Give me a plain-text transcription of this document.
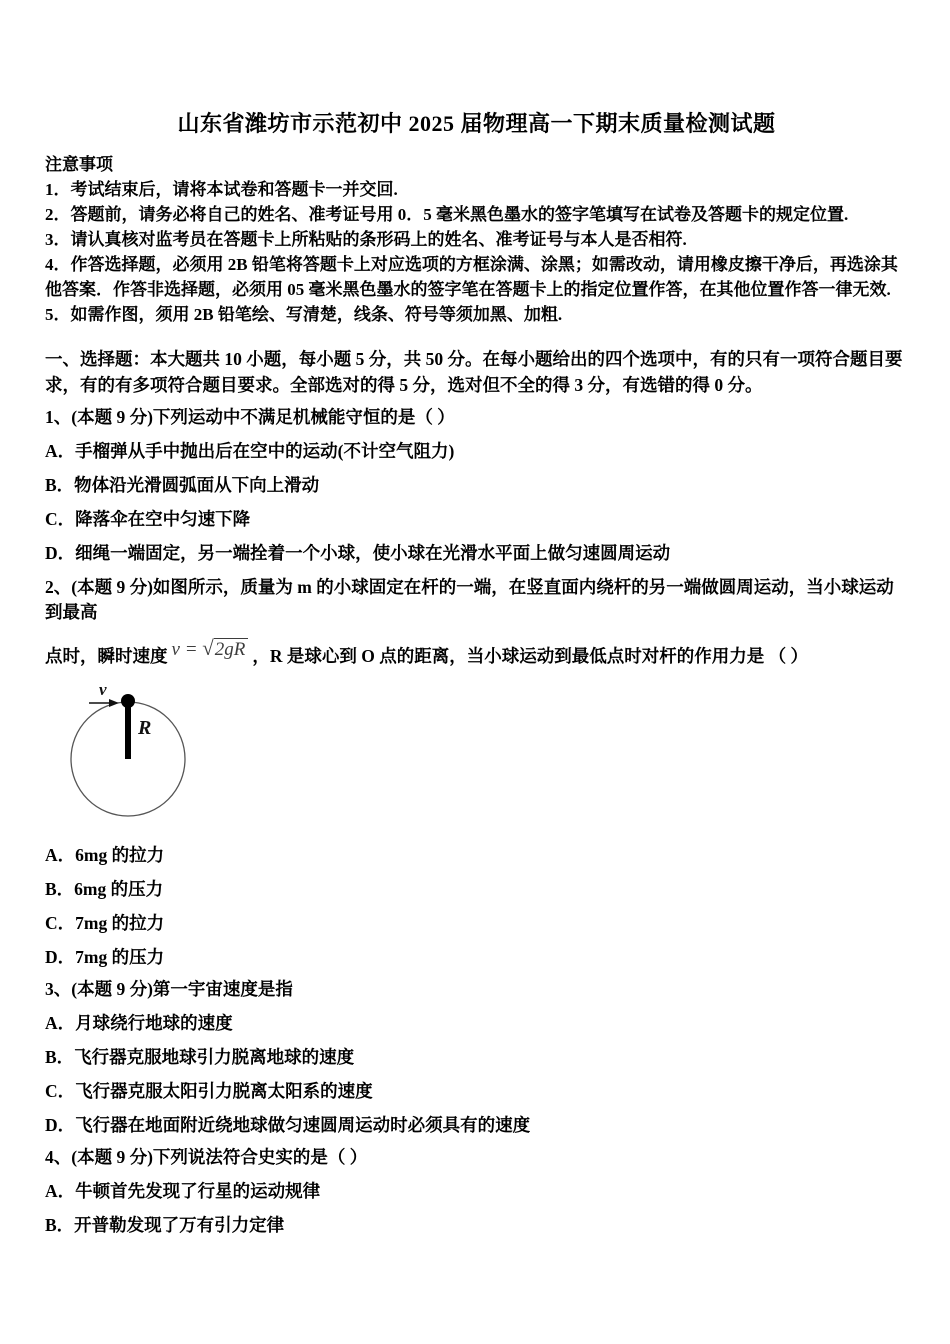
山东省潍坊市示范初中 2025 届物理高一下期末质量检测试题

注意事项

1．考试结束后，请将本试卷和答题卡一并交回.

2．答题前，请务必将自己的姓名、准考证号用 0．5 毫米黑色墨水的签字笔填写在试卷及答题卡的规定位置.

3．请认真核对监考员在答题卡上所粘贴的条形码上的姓名、准考证号与本人是否相符.

4．作答选择题，必须用 2B 铅笔将答题卡上对应选项的方框涂满、涂黑；如需改动，请用橡皮擦干净后，再选涂其他答案．作答非选择题，必须用 05 毫米黑色墨水的签字笔在答题卡上的指定位置作答，在其他位置作答一律无效.

5．如需作图，须用 2B 铅笔绘、写清楚，线条、符号等须加黑、加粗.

一、选择题：本大题共 10 小题，每小题 5 分，共 50 分。在每小题给出的四个选项中，有的只有一项符合题目要求，有的有多项符合题目要求。全部选对的得 5 分，选对但不全的得 3 分，有选错的得 0 分。

1、(本题 9 分)下列运动中不满足机械能守恒的是（ ）

A．手榴弹从手中抛出后在空中的运动(不计空气阻力)

B．物体沿光滑圆弧面从下向上滑动

C．降落伞在空中匀速下降

D．细绳一端固定，另一端拴着一个小球，使小球在光滑水平面上做匀速圆周运动

2、(本题 9 分)如图所示，质量为 m 的小球固定在杆的一端，在竖直面内绕杆的另一端做圆周运动，当小球运动到最高

点时，瞬时速度 v = √2gR ，R 是球心到 O 点的距离，当小球运动到最低点时对杆的作用力是 （ ）

v
R

A．6mg 的拉力

B．6mg 的压力

C．7mg 的拉力

D．7mg 的压力

3、(本题 9 分)第一宇宙速度是指

A．月球绕行地球的速度

B．飞行器克服地球引力脱离地球的速度

C．飞行器克服太阳引力脱离太阳系的速度

D．飞行器在地面附近绕地球做匀速圆周运动时必须具有的速度

4、(本题 9 分)下列说法符合史实的是（ ）

A．牛顿首先发现了行星的运动规律

B．开普勒发现了万有引力定律
